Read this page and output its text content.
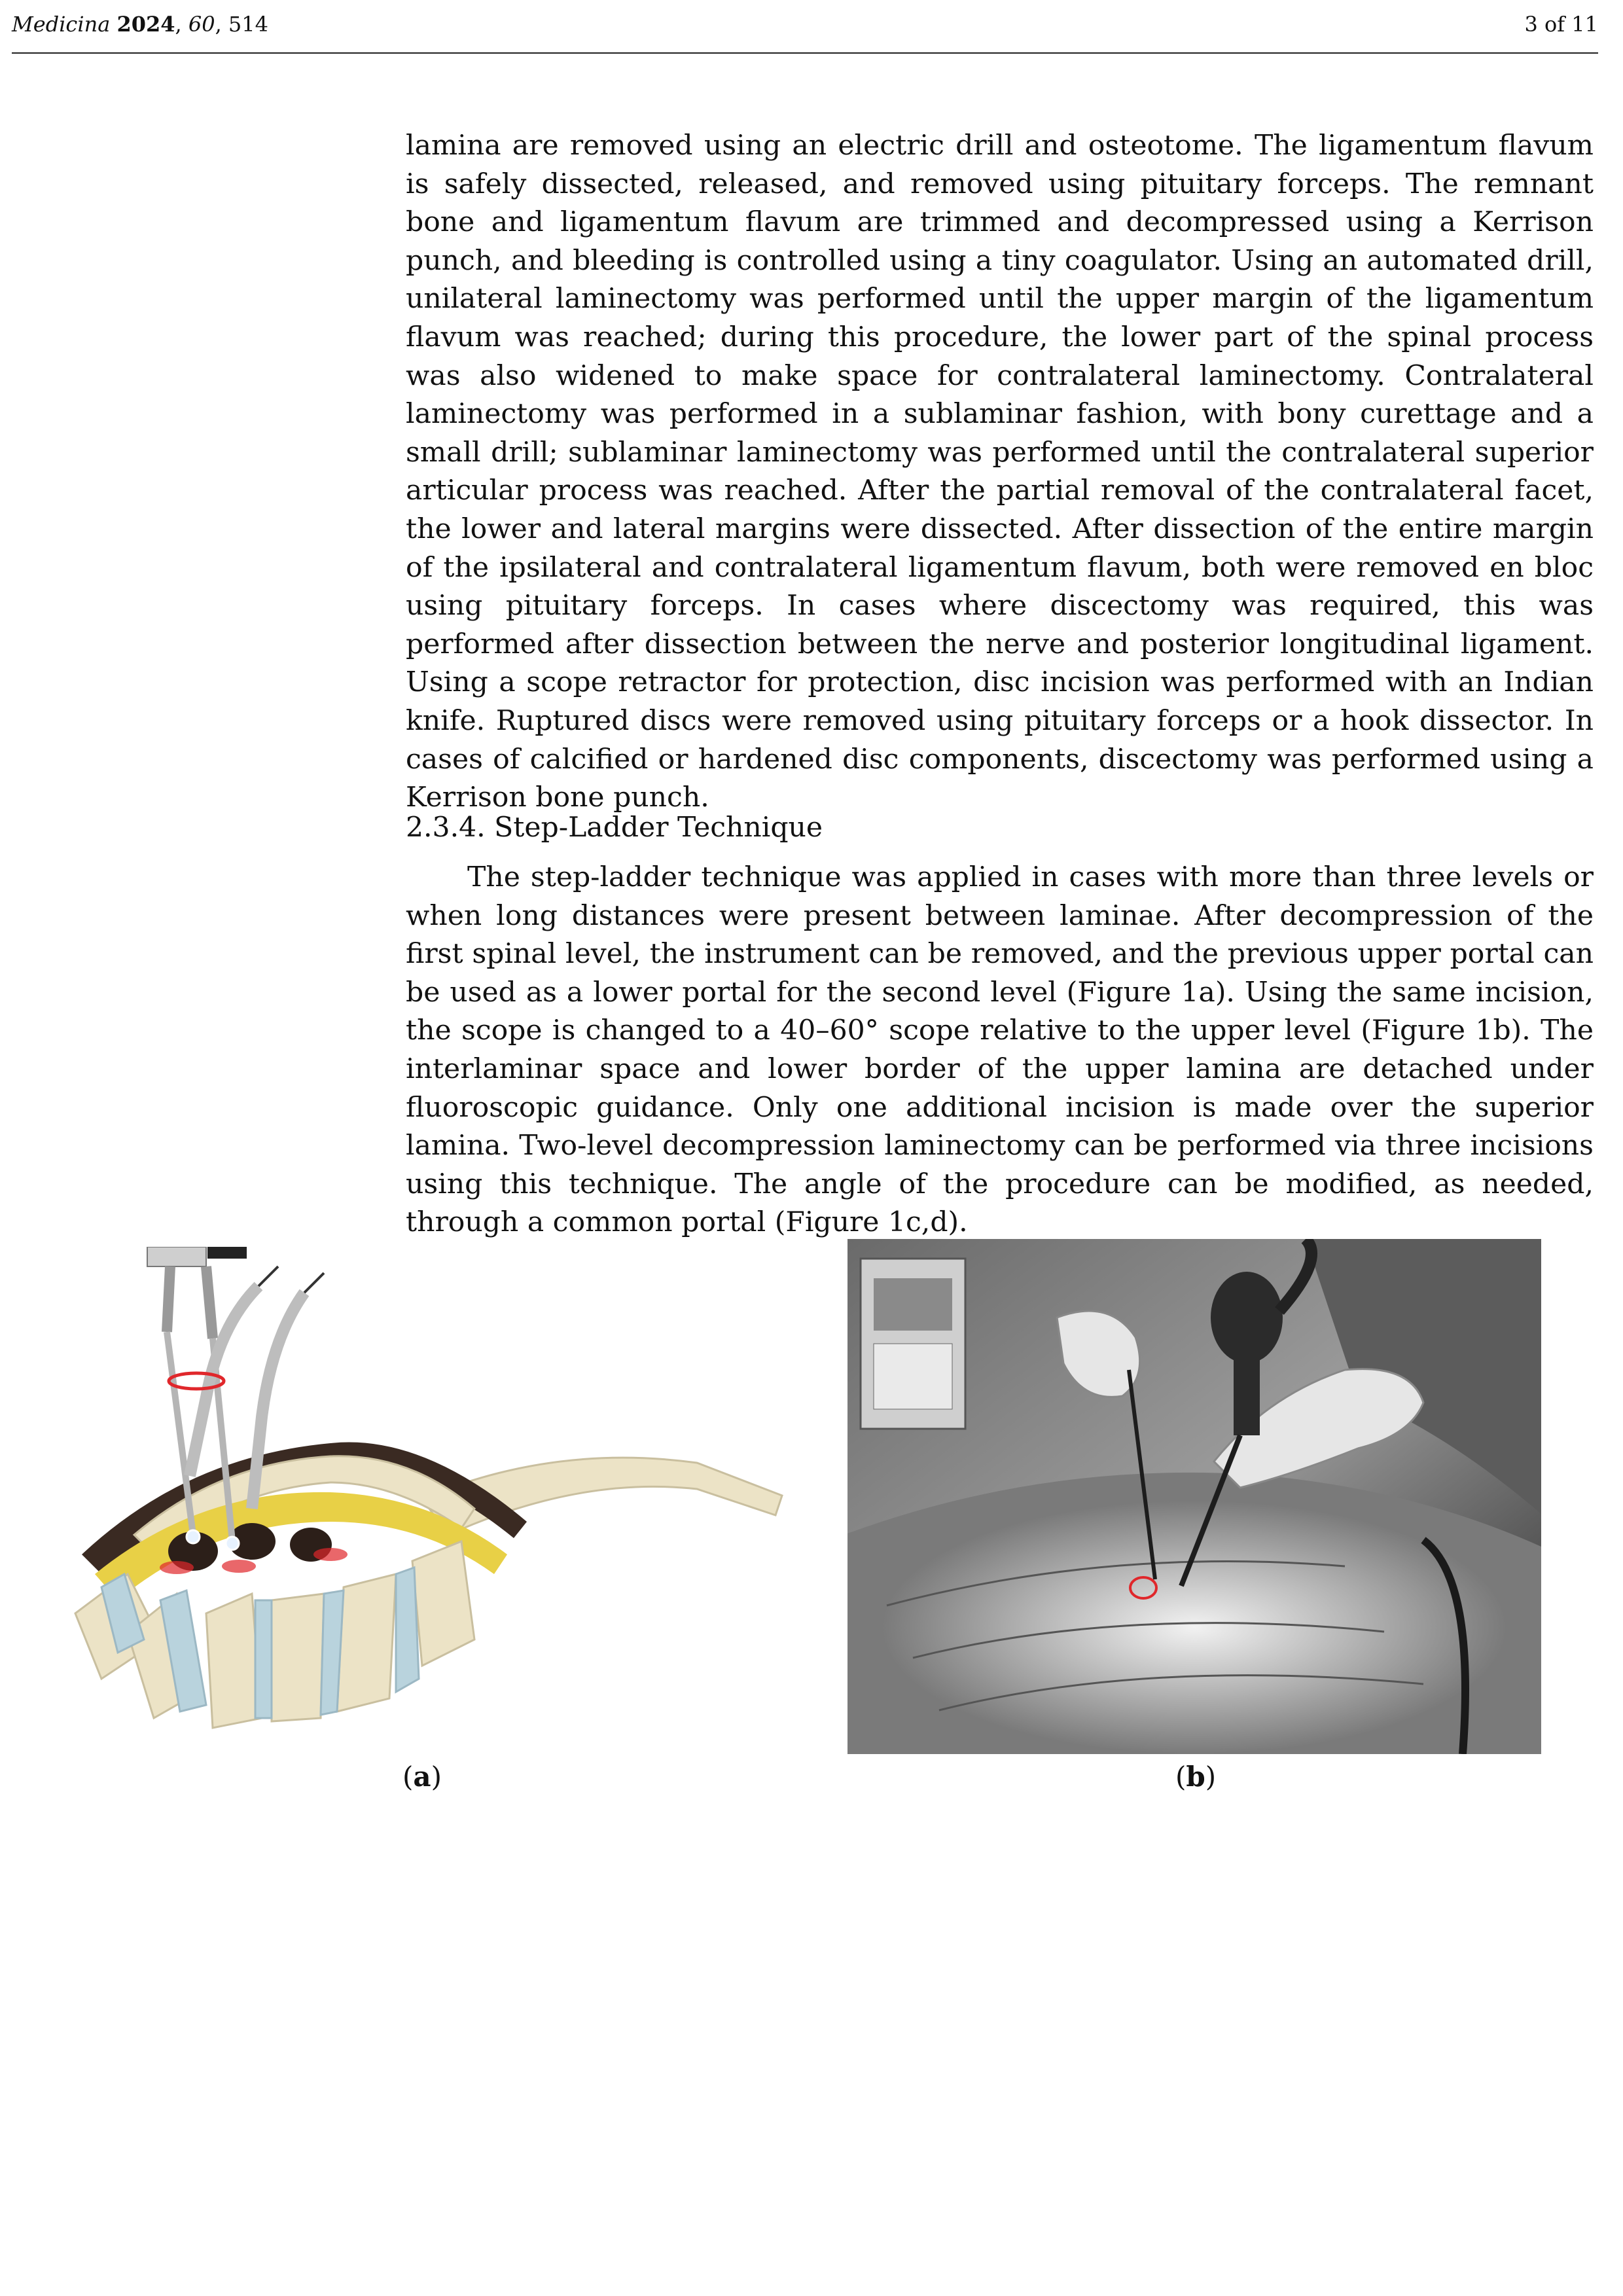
Medicina 2024, 60, 514	3 of 11

lamina are removed using an electric drill and osteotome. The ligamentum flavum is safely dissected, released, and removed using pituitary forceps. The remnant bone and ligamentum flavum are trimmed and decompressed using a Kerrison punch, and bleeding is controlled using a tiny coagulator. Using an automated drill, unilateral laminectomy was performed until the upper margin of the ligamentum flavum was reached; during this procedure, the lower part of the spinal process was also widened to make space for contralateral laminectomy. Contralateral laminectomy was performed in a sublaminar fashion, with bony curettage and a small drill; sublaminar laminectomy was performed until the contralateral superior articular process was reached. After the partial removal of the contralateral facet, the lower and lateral margins were dissected. After dissection of the entire margin of the ipsilateral and contralateral ligamentum flavum, both were removed en bloc using pituitary forceps. In cases where discectomy was required, this was performed after dissection between the nerve and posterior longitudinal ligament. Using a scope retractor for protection, disc incision was performed with an Indian knife. Ruptured discs were removed using pituitary forceps or a hook dissector. In cases of calcified or hardened disc components, discectomy was performed using a Kerrison bone punch.

2.3.4. Step-Ladder Technique

The step-ladder technique was applied in cases with more than three levels or when long distances were present between laminae. After decompression of the first spinal level, the instrument can be removed, and the previous upper portal can be used as a lower portal for the second level (Figure 1a). Using the same incision, the scope is changed to a 40–60° scope relative to the upper level (Figure 1b). The interlaminar space and lower border of the upper lamina are detached under fluoroscopic guidance. Only one additional incision is made over the superior lamina. Two-level decompression laminectomy can be performed via three incisions using this technique. The angle of the procedure can be modified, as needed, through a common portal (Figure 1c,d).

(a)	(b)
